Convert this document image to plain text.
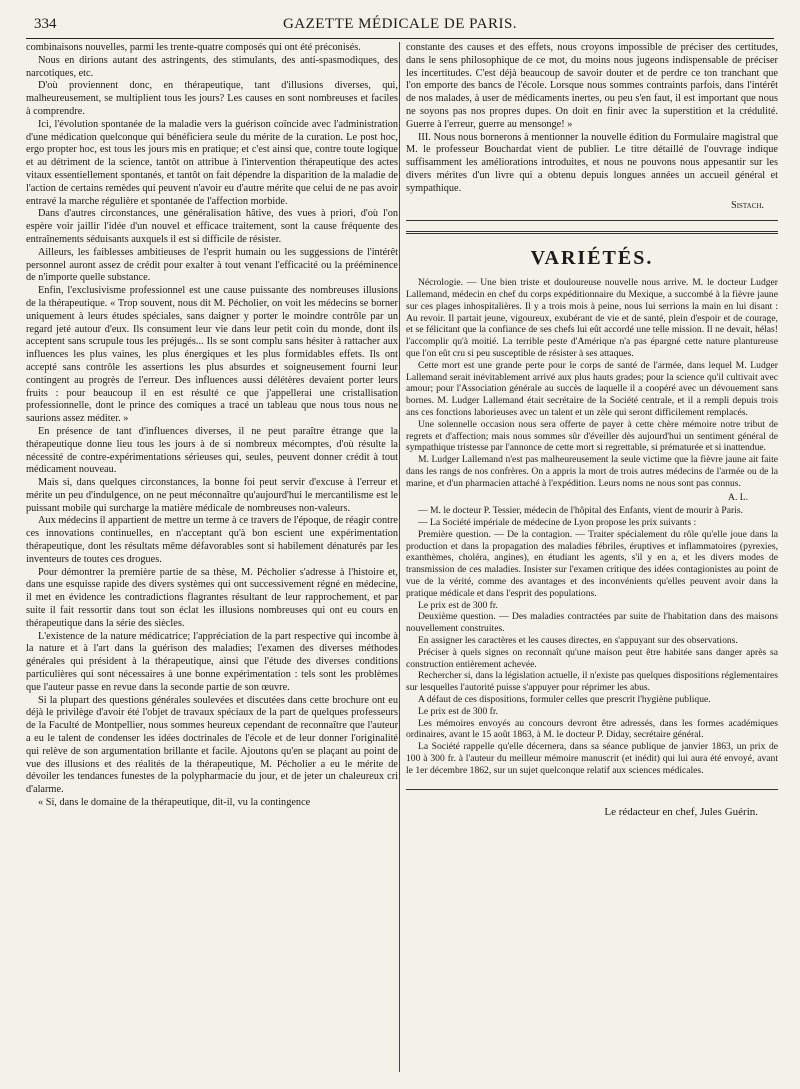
334	GAZETTE MÉDICALE DE PARIS.

combinaisons nouvelles, parmi les trente-quatre composés qui ont été préconisés.

Nous en dirions autant des astringents, des stimulants, des anti-spasmodiques, des narcotiques, etc.

D'où proviennent donc, en thérapeutique, tant d'illusions diverses, qui, malheureusement, se multiplient tous les jours? Les causes en sont nombreuses et faciles à comprendre.

Ici, l'évolution spontanée de la maladie vers la guérison coïncide avec l'administration d'une médication quelconque qui bénéficiera seule du mérite de la curation. Le post hoc, ergo propter hoc, est tous les jours mis en pratique; et c'est ainsi que, contre toute logique et au détriment de la science, tantôt on attribue à l'intervention thérapeutique des actes vitaux essentiellement spontanés, et tantôt on fait dépendre la disparition de la maladie de l'action de certains remèdes qui peuvent n'avoir eu d'autre mérite que celui de ne pas avoir entravé la marche régulière et spontanée de l'affection morbide.

Dans d'autres circonstances, une généralisation hâtive, des vues à priori, d'où l'on espère voir jaillir l'idée d'un nouvel et efficace traitement, sont la cause fréquente des entraînements séduisants auxquels il est si difficile de résister.

Ailleurs, les faiblesses ambitieuses de l'esprit humain ou les suggessions de l'intérêt personnel auront assez de crédit pour exalter à tout venant l'efficacité ou la prééminence de n'importe quelle substance.

Enfin, l'exclusivisme professionnel est une cause puissante des nombreuses illusions de la thérapeutique. « Trop souvent, nous dit M. Pécholier, on voit les médecins se borner uniquement à leurs études spéciales, sans daigner y porter le moindre contrôle par un regard jeté autour d'eux. Ils consument leur vie dans leur petit coin du monde, dont ils acceptent sans scrupule tous les préjugés... Ils se sont complu sans hésiter à rattacher aux influences les plus vaines, les plus énergiques et les plus formidables effets. Ils ont accepté sans contrôle les assertions les plus absurdes et soigneusement fourni leur contingent au progrès de l'erreur. Des influences aussi délétères devaient porter leurs fruits : pour beaucoup il en est résulté ce que j'appellerai une cristallisation professionnelle, dont le prince des comiques a tracé un tableau que nous tous nous ne saurions assez méditer. »

En présence de tant d'influences diverses, il ne peut paraître étrange que la thérapeutique donne lieu tous les jours à de si nombreux mécomptes, d'où résulte la nécessité de contre-expérimentations sérieuses qui, seules, peuvent donner crédit à tout médicament nouveau.

Mais si, dans quelques circonstances, la bonne foi peut servir d'excuse à l'erreur et mérite un peu d'indulgence, on ne peut méconnaître qu'aujourd'hui le mercantilisme est le puissant mobile qui surcharge la matière médicale de nombreuses non-valeurs.

Aux médecins il appartient de mettre un terme à ce travers de l'époque, de réagir contre ces innovations continuelles, en n'acceptant qu'à bon escient une expérimentation thérapeutique, dont les résultats même défavorables sont si habilement dénaturés par les inventeurs de toutes ces drogues.

Pour démontrer la première partie de sa thèse, M. Pécholier s'adresse à l'histoire et, dans une esquisse rapide des divers systèmes qui ont successivement régné en médecine, il met en évidence les contradictions flagrantes résultant de leur rapprochement, et par suite il fait ressortir dans tout son éclat les illusions nombreuses qui ont eu cours en thérapeutique dans la série des siècles.

L'existence de la nature médicatrice; l'appréciation de la part respective qui incombe à la nature et à l'art dans la guérison des maladies; l'examen des diverses méthodes générales qui président à la thérapeutique, ainsi que l'étude des diverses conditions particulières qui sont nécessaires à une bonne expérimentation : tels sont les problèmes que l'auteur passe en revue dans la seconde partie de son œuvre.

Si la plupart des questions générales soulevées et discutées dans cette brochure ont eu déjà le privilège d'avoir été l'objet de travaux spéciaux de la part de quelques professeurs de la Faculté de Montpellier, nous sommes heureux cependant de reconnaître que l'auteur a eu le talent de condenser les idées doctrinales de l'école et de leur donner l'originalité qui relève de son argumentation brillante et facile. Ajoutons qu'en se plaçant au point de vue des illusions et des réalités de la thérapeutique, M. Pécholier a eu le mérite de dévoiler les tendances funestes de la polypharmacie du jour, et de jeter un chaleureux cri d'alarme.

« Si, dans le domaine de la thérapeutique, dit-il, vu la contingence

constante des causes et des effets, nous croyons impossible de préciser des certitudes, dans le sens philosophique de ce mot, du moins nous jugeons indispensable de préciser les incertitudes. C'est déjà beaucoup de savoir douter et de perdre ce ton tranchant que l'on emporte des bancs de l'école. Lorsque nous sommes contraints parfois, dans l'intérêt de nos malades, à user de médicaments inertes, ou peu s'en faut, il est important que nous ne soyons pas nos propres dupes. On doit en finir avec la superstition et la crédulité. Guerre à l'erreur, guerre au mensonge! »

III. Nous nous bornerons à mentionner la nouvelle édition du Formulaire magistral que M. le professeur Bouchardat vient de publier. Le titre détaillé de l'ouvrage indique suffisamment les améliorations introduites, et nous ne pouvons nous appesantir sur les divers mérites d'un livre qui a obtenu depuis longues années un accueil général et sympathique.

Sistach.
VARIÉTÉS.

Nécrologie. — Une bien triste et douloureuse nouvelle nous arrive. M. le docteur Ludger Lallemand, médecin en chef du corps expéditionnaire du Mexique, a succombé à la fièvre jaune sur ces plages inhospitalières. Il y a trois mois à peine, nous lui serrions la main en lui disant : Au revoir. Il partait jeune, vigoureux, exubérant de vie et de santé, plein d'espoir et de courage, et se félicitant que la confiance de ses chefs lui eût accordé une telle mission. Il ne devait, hélas! l'accomplir qu'à moitié. La terrible peste d'Amérique n'a pas épargné cette nature plantureuse que l'on eût cru si peu susceptible de résister à ses attaques.

Cette mort est une grande perte pour le corps de santé de l'armée, dans lequel M. Ludger Lallemand serait inévitablement arrivé aux plus hauts grades; pour la science qu'il cultivait avec amour; pour l'Association générale au succès de laquelle il a coopéré avec un dévouement sans bornes. M. Ludger Lallemand était secrétaire de la Société centrale, et il a rempli depuis trois ans ces fonctions laborieuses avec un talent et un zèle qui seront difficilement remplacés.

Une solennelle occasion nous sera offerte de payer à cette chère mémoire notre tribut de regrets et d'affection; mais nous sommes sûr d'éveiller dès aujourd'hui un sentiment général de sympathique tristesse par l'annonce de cette mort si regrettable, si prématurée et si inattendue.

M. Ludger Lallemand n'est pas malheureusement la seule victime que la fièvre jaune ait faite dans les rangs de nos confrères. On a appris la mort de trois autres médecins de l'armée ou de la marine, et d'un pharmacien attaché à l'expédition. Leurs noms ne nous sont pas connus.

A. L.

— M. le docteur P. Tessier, médecin de l'hôpital des Enfants, vient de mourir à Paris.

— La Société impériale de médecine de Lyon propose les prix suivants :

Première question. — De la contagion. — Traiter spécialement du rôle qu'elle joue dans la production et dans la propagation des maladies fébriles, éruptives et inflammatoires (pyrexies, exanthèmes, choléra, angines), en étudiant les agents, s'il y en a, et les divers modes de transmission de ces maladies. Insister sur l'examen critique des idées contagionistes au point de vue de la vérité, comme des avantages et des inconvénients qu'elles peuvent avoir dans la pratique médicale et dans l'esprit des populations.

Le prix est de 300 fr.

Deuxième question. — Des maladies contractées par suite de l'habitation dans des maisons nouvellement construites.

En assigner les caractères et les causes directes, en s'appuyant sur des observations.

Préciser à quels signes on reconnaît qu'une maison peut être habitée sans danger après sa construction entièrement achevée.

Rechercher si, dans la législation actuelle, il n'existe pas quelques dispositions réglementaires sur lesquelles l'autorité puisse s'appuyer pour réprimer les abus.

A défaut de ces dispositions, formuler celles que prescrit l'hygiène publique.

Le prix est de 300 fr.

Les mémoires envoyés au concours devront être adressés, dans les formes académiques ordinaires, avant le 15 août 1863, à M. le docteur P. Diday, secrétaire général.

La Société rappelle qu'elle décernera, dans sa séance publique de janvier 1863, un prix de 100 à 300 fr. à l'auteur du meilleur mémoire manuscrit (et inédit) qui lui aura été envoyé, avant le 1er décembre 1862, sur un sujet quelconque relatif aux sciences médicales.

Le rédacteur en chef, Jules Guérin.
